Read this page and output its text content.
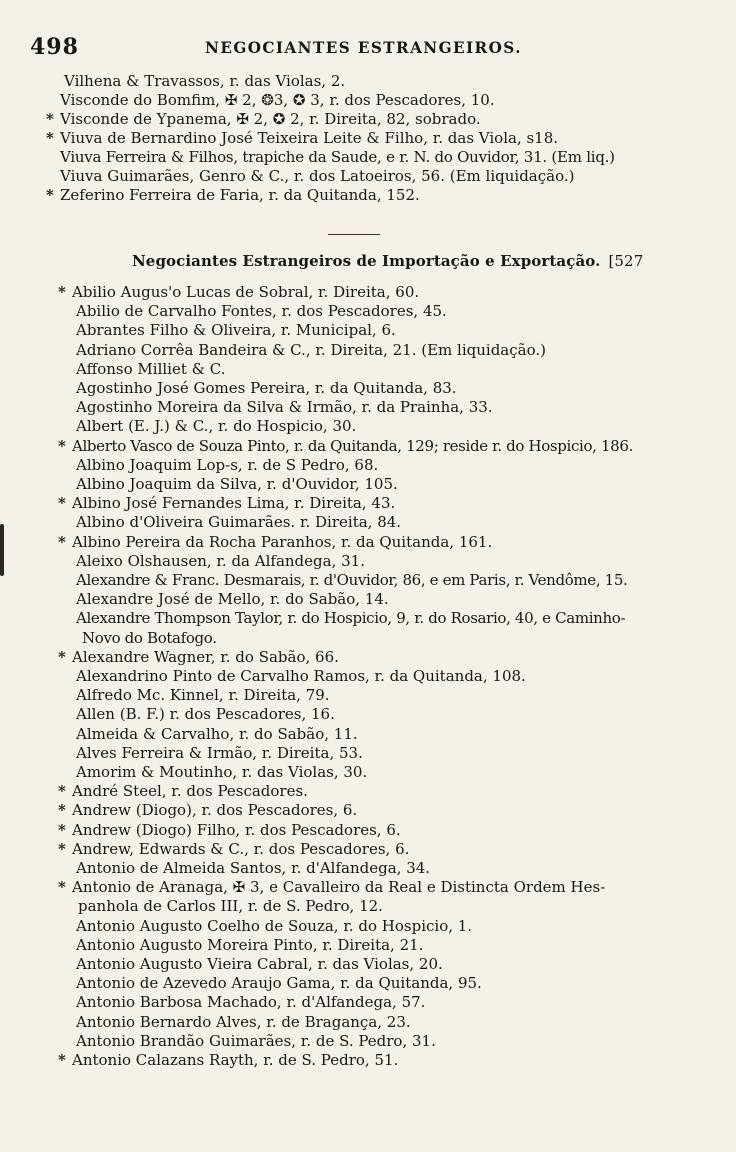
498	NEGOCIANTES ESTRANGEIROS.
Vilhena & Travassos, r. das Violas, 2.
Visconde do Bomfim, ✠ 2, ❂3, ✪ 3, r. dos Pescadores, 10.
* Visconde de Ypanema, ✠ 2, ✪ 2, r. Direita, 82, sobrado.
* Viuva de Bernardino José Teixeira Leite & Filho, r. das Viola, s18.
Viuva Ferreira & Filhos, trapiche da Saude, e r. N. do Ouvidor, 31. (Em liq.)
Viuva Guimarães, Genro & C., r. dos Latoeiros, 56. (Em liquidação.)
* Zeferino Ferreira de Faria, r. da Quitanda, 152.
Negociantes Estrangeiros de Importação e Exportação. [527
* Abilio Augus'o Lucas de Sobral, r. Direita, 60.
Abilio de Carvalho Fontes, r. dos Pescadores, 45.
Abrantes Filho & Oliveira, r. Municipal, 6.
Adriano Corrêa Bandeira & C., r. Direita, 21. (Em liquidação.)
Affonso Milliet & C.
Agostinho José Gomes Pereira, r. da Quitanda, 83.
Agostinho Moreira da Silva & Irmão, r. da Prainha, 33.
Albert (E. J.) & C., r. do Hospicio, 30.
* Alberto Vasco de Souza Pinto, r. da Quitanda, 129; reside r. do Hospicio, 186.
Albino Joaquim Lop-s, r. de S Pedro, 68.
Albino Joaquim da Silva, r. d'Ouvidor, 105.
* Albino José Fernandes Lima, r. Direita, 43.
Albino d'Oliveira Guimarães. r. Direita, 84.
* Albino Pereira da Rocha Paranhos, r. da Quitanda, 161.
Aleixo Olshausen, r. da Alfandega, 31.
Alexandre & Franc. Desmarais, r. d'Ouvidor, 86, e em Paris, r. Vendôme, 15.
Alexandre José de Mello, r. do Sabão, 14.
Alexandre Thompson Taylor, r. do Hospicio, 9, r. do Rosario, 40, e Caminho-
Novo do Botafogo.
* Alexandre Wagner, r. do Sabão, 66.
Alexandrino Pinto de Carvalho Ramos, r. da Quitanda, 108.
Alfredo Mc. Kinnel, r. Direita, 79.
Allen (B. F.) r. dos Pescadores, 16.
Almeida & Carvalho, r. do Sabão, 11.
Alves Ferreira & Irmão, r. Direita, 53.
Amorim & Moutinho, r. das Violas, 30.
* André Steel, r. dos Pescadores.
* Andrew (Diogo), r. dos Pescadores, 6.
* Andrew (Diogo) Filho, r. dos Pescadores, 6.
* Andrew, Edwards & C., r. dos Pescadores, 6.
Antonio de Almeida Santos, r. d'Alfandega, 34.
* Antonio de Aranaga, ✠ 3, e Cavalleiro da Real e Distincta Ordem Hes-
panhola de Carlos III, r. de S. Pedro, 12.
Antonio Augusto Coelho de Souza, r. do Hospicio, 1.
Antonio Augusto Moreira Pinto, r. Direita, 21.
Antonio Augusto Vieira Cabral, r. das Violas, 20.
Antonio de Azevedo Araujo Gama, r. da Quitanda, 95.
Antonio Barbosa Machado, r. d'Alfandega, 57.
Antonio Bernardo Alves, r. de Bragança, 23.
Antonio Brandão Guimarães, r. de S. Pedro, 31.
* Antonio Calazans Rayth, r. de S. Pedro, 51.
